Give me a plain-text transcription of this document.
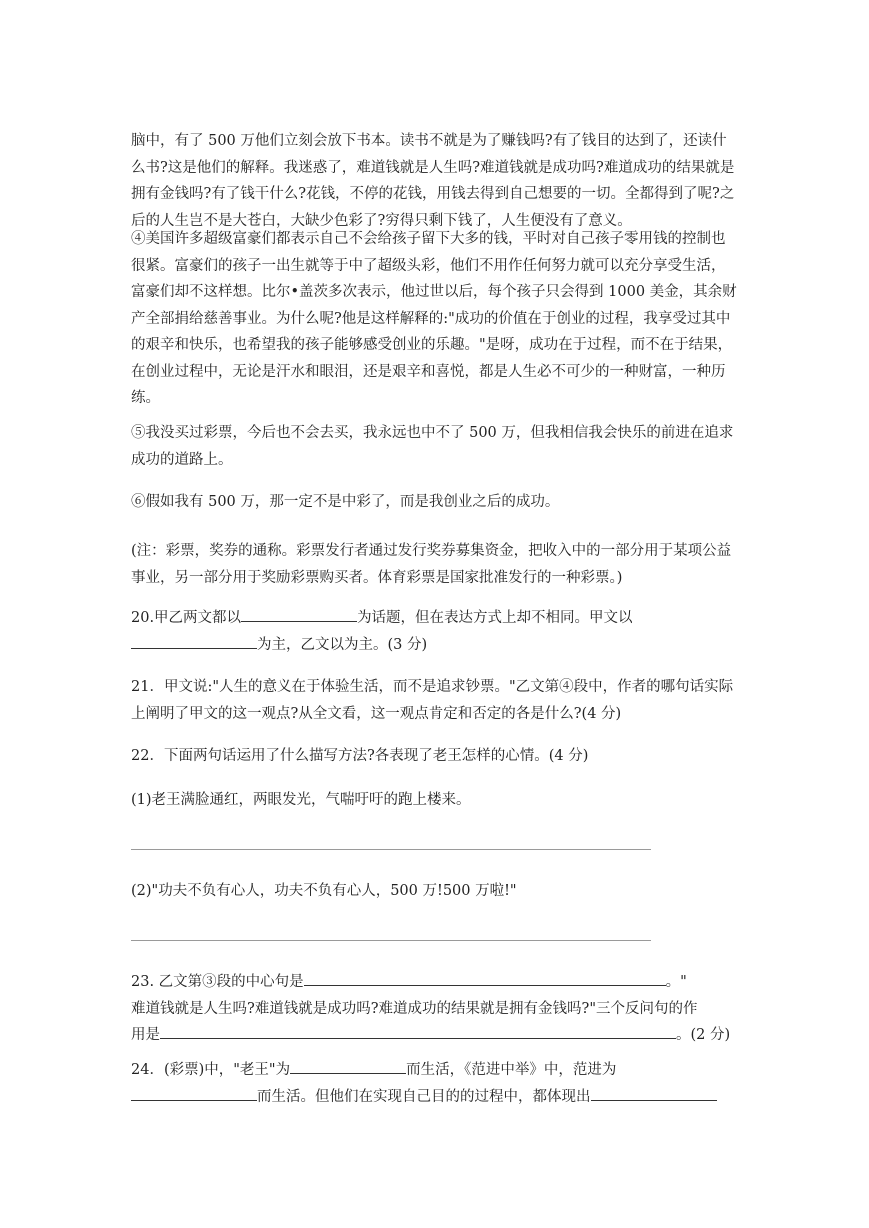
脑中，有了 500 万他们立刻会放下书本。读书不就是为了赚钱吗?有了钱目的达到了，还读什么书?这是他们的解释。我迷惑了，难道钱就是人生吗?难道钱就是成功吗?难道成功的结果就是拥有金钱吗?有了钱干什么?花钱，不停的花钱，用钱去得到自己想要的一切。全都得到了呢?之后的人生岂不是大苍白，大缺少色彩了?穷得只剩下钱了，人生便没有了意义。

④美国许多超级富豪们都表示自己不会给孩子留下大多的钱，平时对自己孩子零用钱的控制也很紧。富豪们的孩子一出生就等于中了超级头彩，他们不用作任何努力就可以充分享受生活，富豪们却不这样想。比尔•盖茨多次表示，他过世以后，每个孩子只会得到 1000 美金，其余财产全部捐给慈善事业。为什么呢?他是这样解释的:"成功的价值在于创业的过程，我享受过其中的艰辛和快乐，也希望我的孩子能够感受创业的乐趣。"是呀，成功在于过程，而不在于结果，在创业过程中，无论是汗水和眼泪，还是艰辛和喜悦，都是人生必不可少的一种财富，一种历练。

⑤我没买过彩票，今后也不会去买，我永远也中不了 500 万，但我相信我会快乐的前进在追求成功的道路上。

⑥假如我有 500 万，那一定不是中彩了，而是我创业之后的成功。

(注：彩票，奖券的通称。彩票发行者通过发行奖券募集资金，把收入中的一部分用于某项公益事业，另一部分用于奖励彩票购买者。体育彩票是国家批准发行的一种彩票。)

20.甲乙两文都以	为话题，但在表达方式上却不相同。甲文以
为主，乙文以为主。(3 分)

21．甲文说:"人生的意义在于体验生活，而不是追求钞票。"乙文第④段中，作者的哪句话实际上阐明了甲文的这一观点?从全文看，这一观点肯定和否定的各是什么?(4 分)

22．下面两句话运用了什么描写方法?各表现了老王怎样的心情。(4 分)

(1)老王满脸通红，两眼发光，气喘吁吁的跑上楼来。

(2)"功夫不负有心人，功夫不负有心人，500 万!500 万啦!"

23. 乙文第③段的中心句是	。"
难道钱就是人生吗?难道钱就是成功吗?难道成功的结果就是拥有金钱吗?"三个反问句的作
用是	。(2 分)

24．(彩票)中，"老王"为	而生活，《范进中举》中，范进为
而生活。但他们在实现自己目的的过程中，都体现出
